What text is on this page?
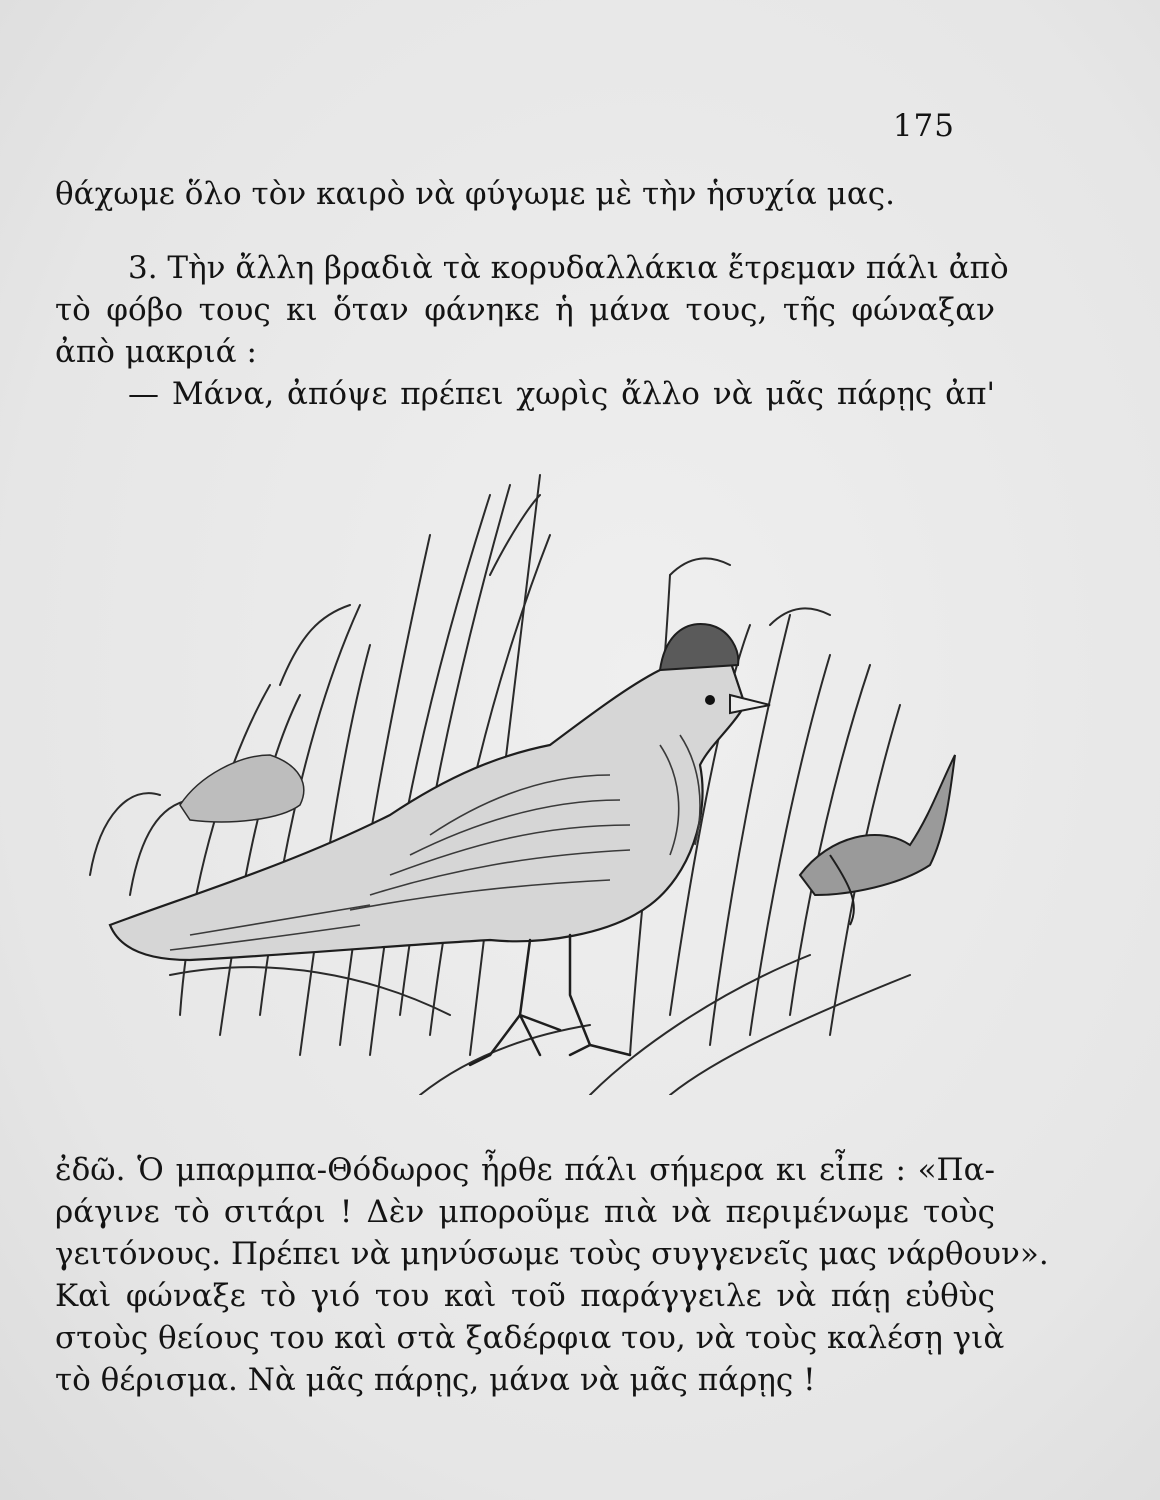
175
θάχωμε ὅλο τὸν καιρὸ νὰ φύγωμε μὲ τὴν ἡσυχία μας.
3. Τὴν ἄλλη βραδιὰ τὰ κορυδαλλάκια ἔτρεμαν πάλι ἀπὸ
τὸ φόβο τους κι ὅταν φάνηκε ἡ μάνα τους, τῆς φώναξαν
ἀπὸ μακριά :
— Μάνα, ἀπόψε πρέπει χωρὶς ἄλλο νὰ μᾶς πάρῃς ἀπ'
ἐδῶ. Ὁ μπαρμπα-Θόδωρος ἦρθε πάλι σήμερα κι εἶπε : «Πα-
ράγινε τὸ σιτάρι ! Δὲν μποροῦμε πιὰ νὰ περιμένωμε τοὺς
γειτόνους. Πρέπει νὰ μηνύσωμε τοὺς συγγενεῖς μας νάρθουν».
Καὶ φώναξε τὸ γιό του καὶ τοῦ παράγγειλε νὰ πάῃ εὐθὺς
στοὺς θείους του καὶ στὰ ξαδέρφια του, νὰ τοὺς καλέσῃ γιὰ
τὸ θέρισμα. Νὰ μᾶς πάρῃς, μάνα νὰ μᾶς πάρῃς !
